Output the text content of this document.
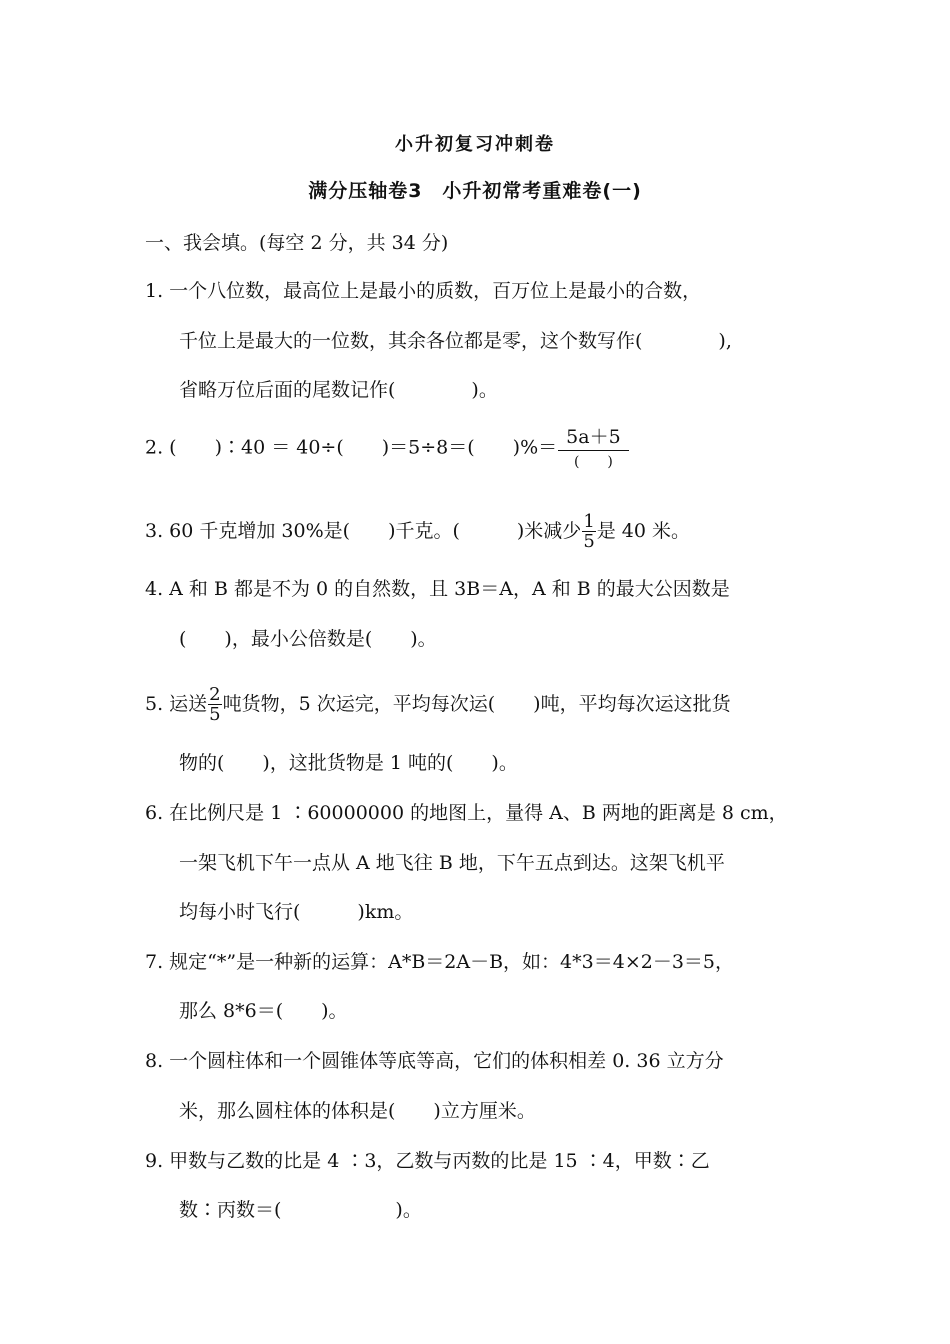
小升初复习冲刺卷
满分压轴卷3　小升初常考重难卷(一)
一、我会填。(每空 2 分，共 34 分)
1. 一个八位数，最高位上是最小的质数，百万位上是最小的合数，
千位上是最大的一位数，其余各位都是零，这个数写作(　　　　),
省略万位后面的尾数记作(　　　　)。
2. (　　)∶40 ＝ 40÷(　　)＝5÷8＝(　　)%＝ $\frac{5a+5}{( )}$
3. 60 千克增加 30%是(　　)千克。(　　　)米减少 $\frac{1}{5}$ 是 40 米。
4. A 和 B 都是不为 0 的自然数，且 3B＝A，A 和 B 的最大公因数是
(　　)，最小公倍数是(　　)。
5. 运送 $\frac{2}{5}$ 吨货物，5 次运完，平均每次运(　　)吨，平均每次运这批货
物的(　　)，这批货物是 1 吨的(　　)。
6. 在比例尺是 1 ∶60000000 的地图上，量得 A、B 两地的距离是 8 cm，
一架飞机下午一点从 A 地飞往 B 地，下午五点到达。这架飞机平
均每小时飞行(　　　)km。
7. 规定“*”是一种新的运算：A*B＝2A－B，如：4*3＝4×2－3＝5，
那么 8*6＝(　　)。
8. 一个圆柱体和一个圆锥体等底等高，它们的体积相差 0. 36 立方分
米，那么圆柱体的体积是(　　)立方厘米。
9. 甲数与乙数的比是 4 ∶3，乙数与丙数的比是 15 ∶4，甲数∶乙
数∶丙数＝(　　　　　　)。
